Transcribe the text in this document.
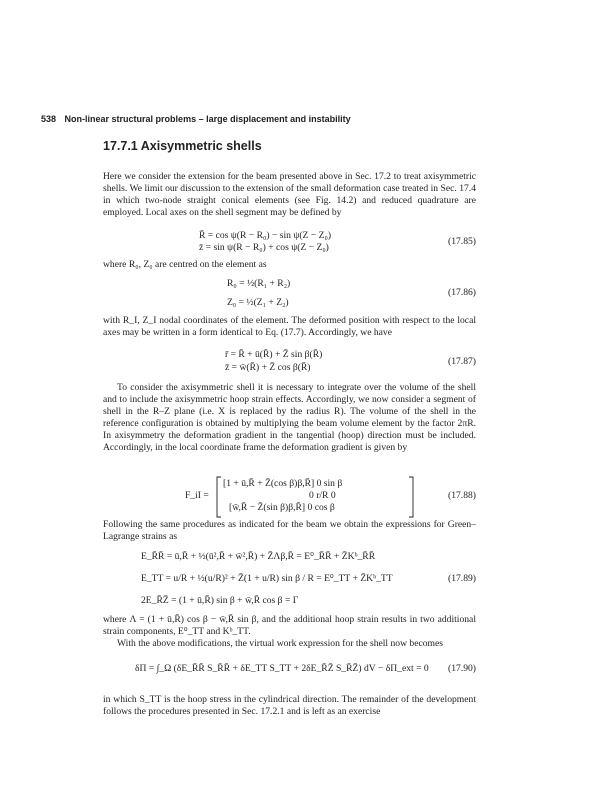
538 Non-linear structural problems – large displacement and instability
17.7.1 Axisymmetric shells
Here we consider the extension for the beam presented above in Sec. 17.2 to treat axisymmetric shells. We limit our discussion to the extension of the small deformation case treated in Sec. 17.4 in which two-node straight conical elements (see Fig. 14.2) and reduced quadrature are employed. Local axes on the shell segment may be defined by
R̄ = cos ψ(R − R₀) − sin ψ(Z − Z₀)
z̄ = sin ψ(R − R₀) + cos ψ(Z − Z₀)
(17.85)
where R₀, Z₀ are centred on the element as
R₀ = ½(R₁ + R₂)
Z₀ = ½(Z₁ + Z₂)
(17.86)
with R_I, Z_I nodal coordinates of the element. The deformed position with respect to the local axes may be written in a form identical to Eq. (17.7). Accordingly, we have
r̄ = R̄ + ū(R̄) + Z̄ sin β(R̄)
z̄ = w̄(R̄) + Z̄ cos β(R̄)
(17.87)
To consider the axisymmetric shell it is necessary to integrate over the volume of the shell and to include the axisymmetric hoop strain effects. Accordingly, we now consider a segment of shell in the R–Z plane (i.e. X is replaced by the radius R). The volume of the shell in the reference configuration is obtained by multiplying the beam volume element by the factor 2πR. In axisymmetry the deformation gradient in the tangential (hoop) direction must be included. Accordingly, in the local coordinate frame the deformation gradient is given by
F_iI =
[1 + ū,R̄ + Z̄(cos β)β,R̄] 0 sin β
0 r/R 0
[w̄,R̄ − Z̄(sin β)β,R̄] 0 cos β
(17.88)
Following the same procedures as indicated for the beam we obtain the expressions for Green–Lagrange strains as
E_R̄R̄ = ū,R̄ + ½(ū²,R̄ + w̄²,R̄) + Z̄Λβ,R̄ = E⁰_R̄R̄ + Z̄Kᵇ_R̄R̄
E_TT = u/R + ½(u/R)² + Z̄(1 + u/R) sin β / R = E⁰_TT + Z̄Kᵇ_TT	(17.89)
2E_R̄Z̄ = (1 + ū,R̄) sin β + w̄,R̄ cos β = Γ
where Λ = (1 + ū,R̄) cos β − w̄,R̄ sin β, and the additional hoop strain results in two additional strain components, E⁰_TT and Kᵇ_TT.
With the above modifications, the virtual work expression for the shell now becomes
δΠ = ∫_Ω (δE_R̄R̄ S_R̄R̄ + δE_TT S_TT + 2δE_R̄Z̄ S_R̄Z̄) dV − δΠ_ext = 0 (17.90)
in which S_TT is the hoop stress in the cylindrical direction. The remainder of the development follows the procedures presented in Sec. 17.2.1 and is left as an exercise
